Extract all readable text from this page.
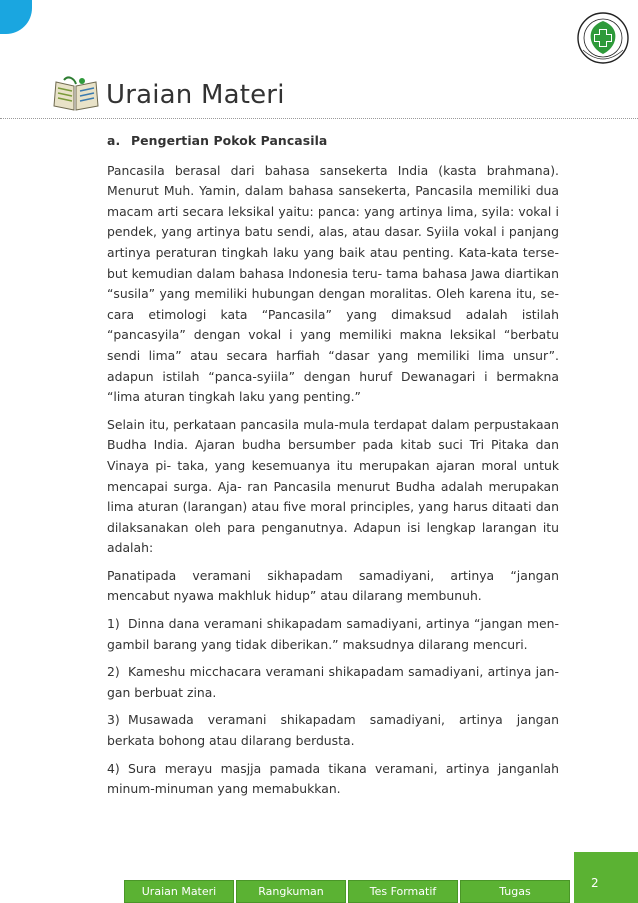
Uraian Materi
a. Pengertian Pokok Pancasila

Pancasila berasal dari bahasa sansekerta India (kasta brahmana). Menurut Muh. Yamin, dalam bahasa sansekerta, Pancasila memiliki dua macam arti secara leksikal yaitu: panca: yang artinya lima, syila: vokal i pendek, yang artinya batu sendi, alas, atau dasar. Syiila vokal i panjang artinya peraturan tingkah laku yang baik atau penting. Kata-kata terse-but kemudian dalam bahasa Indonesia teru- tama bahasa Jawa diartikan “susila” yang memiliki hubungan dengan moralitas. Oleh karena itu, se-cara etimologi kata “Pancasila” yang dimaksud adalah istilah “pancasyila” dengan vokal i yang memiliki makna leksikal “berbatu sendi lima” atau secara harfiah “dasar yang memiliki lima unsur”. adapun istilah “panca-syiila” dengan huruf Dewanagari i bermakna “lima aturan tingkah laku yang penting.”

Selain itu, perkataan pancasila mula-mula terdapat dalam perpustakaan Budha India. Ajaran budha bersumber pada kitab suci Tri Pitaka dan Vinaya pi- taka, yang kesemuanya itu merupakan ajaran moral untuk mencapai surga. Aja- ran Pancasila menurut Budha adalah merupakan lima aturan (larangan) atau five moral principles, yang harus ditaati dan dilaksanakan oleh para penganutnya. Adapun isi lengkap larangan itu adalah:

Panatipada veramani sikhapadam samadiyani, artinya “jangan mencabut nyawa makhluk hidup” atau dilarang membunuh.

1) Dinna dana veramani shikapadam samadiyani, artinya “jangan men-gambil barang yang tidak diberikan.” maksudnya dilarang mencuri.

2) Kameshu micchacara veramani shikapadam samadiyani, artinya jan-gan berbuat zina.

3) Musawada veramani shikapadam samadiyani, artinya jangan berkata bohong atau dilarang berdusta.

4) Sura merayu masjja pamada tikana veramani, artinya janganlah minum-minuman yang memabukkan.

2
Uraian Materi	Rangkuman	Tes Formatif	Tugas
